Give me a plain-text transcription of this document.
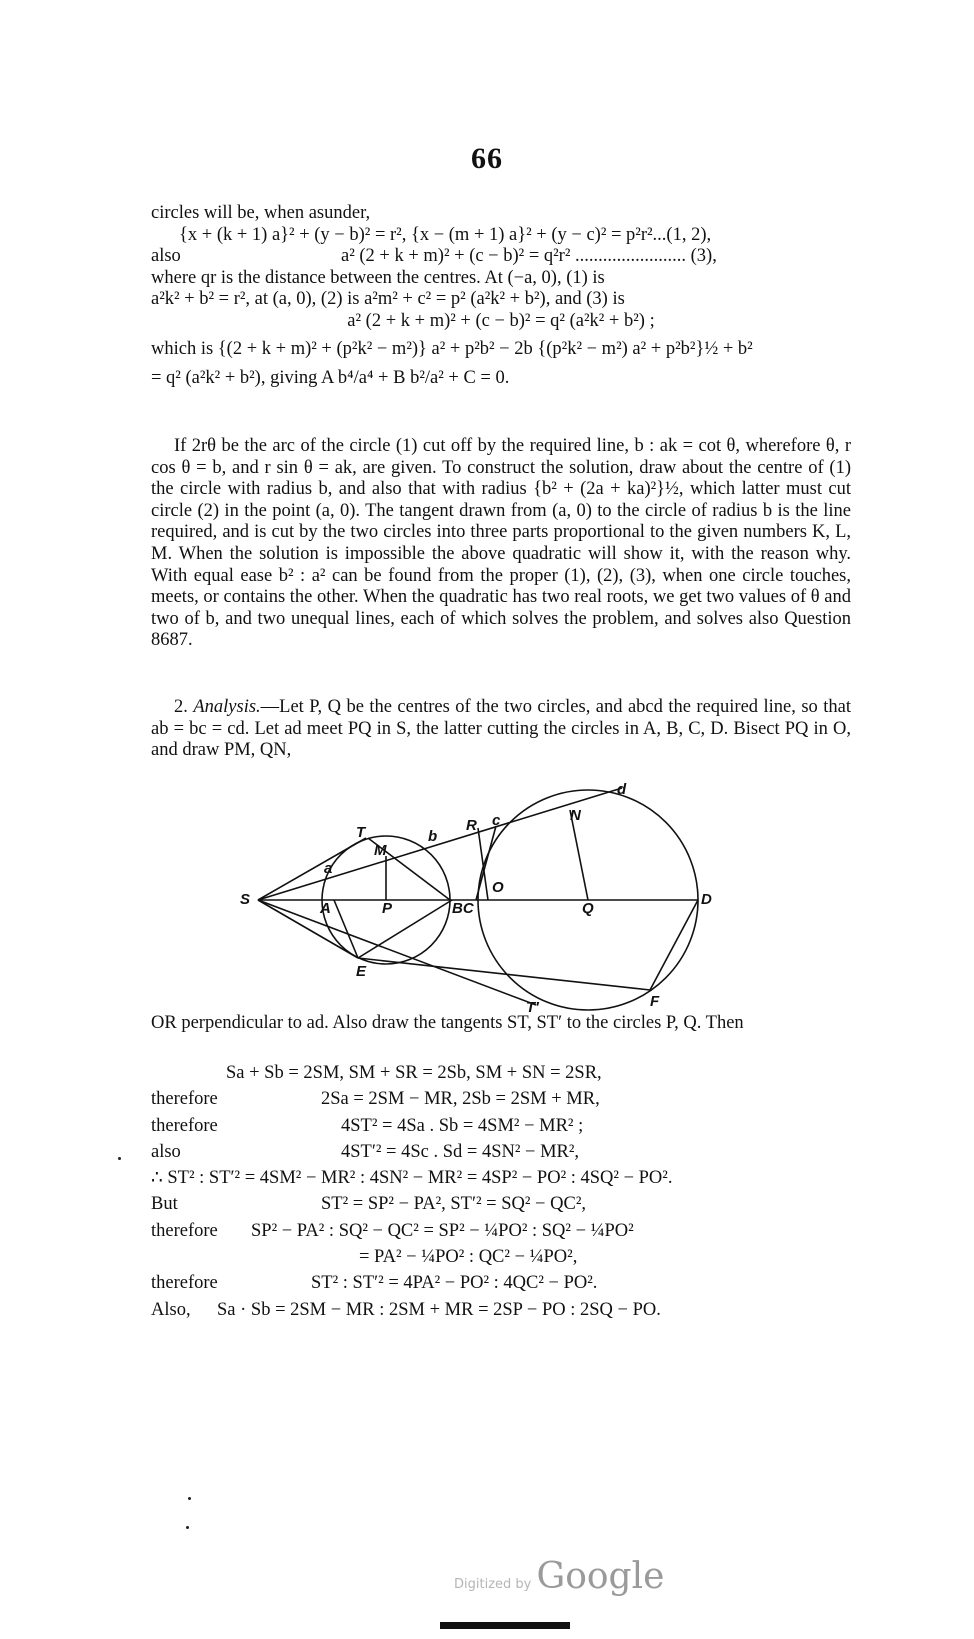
66
circles will be, when asunder,
{x + (k + 1) a}² + (y − b)² = r², {x − (m + 1) a}² + (y − c)² = p²r²...(1, 2),
also	a² (2 + k + m)² + (c − b)² = q²r² ........................ (3),
where qr is the distance between the centres. At (−a, 0), (1) is
a²k² + b² = r², at (a, 0), (2) is a²m² + c² = p² (a²k² + b²), and (3) is
a² (2 + k + m)² + (c − b)² = q² (a²k² + b²) ;
which is {(2 + k + m)² + (p²k² − m²)} a² + p²b² − 2b {(p²k² − m²) a² + p²b²}½ + b²
= q² (a²k² + b²), giving A b⁴/a⁴ + B b²/a² + C = 0.

If 2rθ be the arc of the circle (1) cut off by the required line, b : ak = cot θ, wherefore θ, r cos θ = b, and r sin θ = ak, are given. To construct the solution, draw about the centre of (1) the circle with radius b, and also that with radius {b² + (2a + ka)²}½, which latter must cut circle (2) in the point (a, 0). The tangent drawn from (a, 0) to the circle of radius b is the line required, and is cut by the two circles into three parts proportional to the given numbers K, L, M. When the solution is impossible the above quadratic will show it, with the reason why. With equal ease b² : a² can be found from the proper (1), (2), (3), when one circle touches, meets, or contains the other. When the quadratic has two real roots, we get two values of θ and two of b, and two unequal lines, each of which solves the problem, and solves also Question 8687.

2. Analysis.—Let P, Q be the centres of the two circles, and abcd the required line, so that ab = bc = cd. Let ad meet PQ in S, the latter cutting the circles in A, B, C, D. Bisect PQ in O, and draw PM, QN,

S
A	P	BC
O
Q
D
T
a
M
b
R c	N
d
E
T′	F

OR perpendicular to ad. Also draw the tangents ST, ST′ to the circles P, Q. Then

Sa + Sb = 2SM, SM + SR = 2Sb, SM + SN = 2SR,
therefore	2Sa = 2SM − MR, 2Sb = 2SM + MR,
therefore	4ST² = 4Sa . Sb = 4SM² − MR² ;
also	4ST′² = 4Sc . Sd = 4SN² − MR²,
∴ ST² : ST′² = 4SM² − MR² : 4SN² − MR² = 4SP² − PO² : 4SQ² − PO².
But	ST² = SP² − PA², ST′² = SQ² − QC²,
therefore	SP² − PA² : SQ² − QC² = SP² − ¼PO² : SQ² − ¼PO²
= PA² − ¼PO² : QC² − ¼PO²,
therefore	ST² : ST′² = 4PA² − PO² : 4QC² − PO².
Also,	Sa · Sb = 2SM − MR : 2SM + MR = 2SP − PO : 2SQ − PO.
Digitized by Google
